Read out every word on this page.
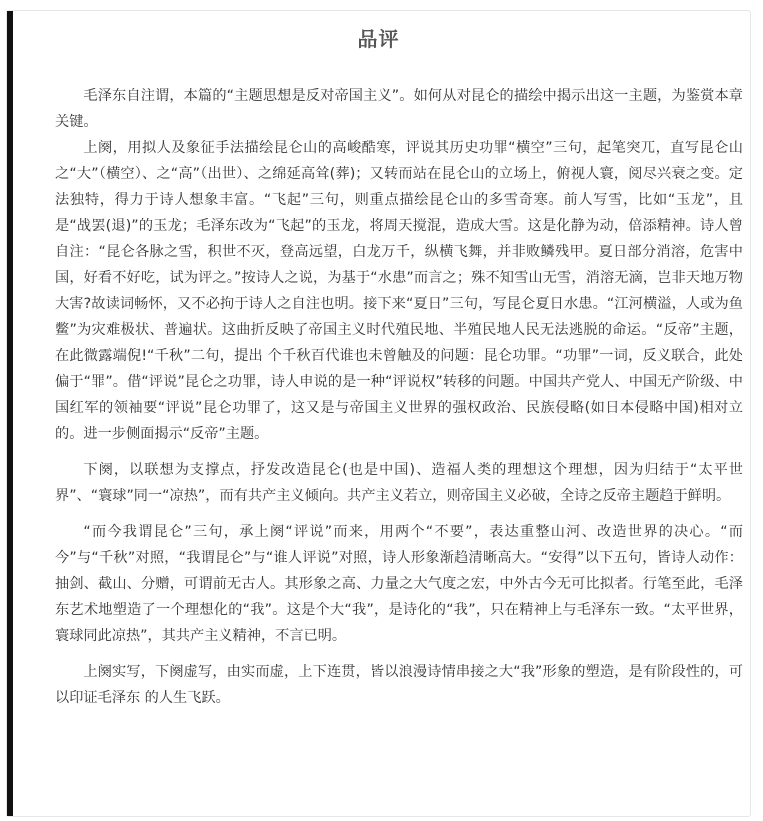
品评

毛泽东自注谓，本篇的“主题思想是反对帝国主义”。如何从对昆仑的描绘中揭示出这一主题，为鉴赏本章关键。

上阕，用拟人及象征手法描绘昆仑山的高峻酷寒，评说其历史功罪“横空”三句，起笔突兀，直写昆仑山之“大”（横空）、之“高”（出世）、之绵延高耸(葬)；又转而站在昆仑山的立场上，俯视人寰，阅尽兴衰之变。定法独特，得力于诗人想象丰富。“飞起”三句，则重点描绘昆仑山的多雪奇寒。前人写雪，比如“玉龙”，且是“战罢(退)”的玉龙；毛泽东改为“飞起”的玉龙，将周天搅混，造成大雪。这是化静为动，倍添精神。诗人曾自注：“昆仑各脉之雪，积世不灭，登高远望，白龙万千，纵横飞舞，并非败鳞残甲。夏日部分消溶，危害中国，好看不好吃，试为评之。”按诗人之说，为基于“水患”而言之；殊不知雪山无雪，消溶无滴，岂非天地万物大害?故读词畅怀，又不必拘于诗人之自注也明。接下来“夏日”三句，写昆仑夏日水患。“江河横溢，人或为鱼鳖”为灾难极状、普遍状。这曲折反映了帝国主义时代殖民地、半殖民地人民无法逃脱的命运。“反帝”主题，在此微露端倪!“千秋”二句，提出 个千秋百代谁也未曾触及的问题：昆仑功罪。“功罪”一词，反义联合，此处偏于“罪”。借“评说”昆仑之功罪，诗人申说的是一种“评说权”转移的问题。中国共产党人、中国无产阶级、中国红军的领袖要“评说”昆仑功罪了，这又是与帝国主义世界的强权政治、民族侵略(如日本侵略中国)相对立的。进一步侧面揭示“反帝”主题。

下阕，以联想为支撑点，抒发改造昆仑(也是中国)、造福人类的理想这个理想，因为归结于“太平世界”、“寰球”同一“凉热”，而有共产主义倾向。共产主义若立，则帝国主义必破，全诗之反帝主题趋于鲜明。

“而今我谓昆仑”三句，承上阕“评说”而来，用两个“不要”，表达重整山河、改造世界的决心。“而今”与“千秋”对照，“我谓昆仑”与“谁人评说”对照，诗人形象渐趋清晰高大。“安得”以下五句，皆诗人动作：抽剑、截山、分赠，可谓前无古人。其形象之高、力量之大气度之宏，中外古今无可比拟者。行笔至此，毛泽东艺术地塑造了一个理想化的“我”。这是个大“我”，是诗化的“我”，只在精神上与毛泽东一致。“太平世界，寰球同此凉热”，其共产主义精神，不言已明。

上阕实写，下阕虚写，由实而虚，上下连贯，皆以浪漫诗情串接之大“我”形象的塑造，是有阶段性的，可以印证毛泽东 的人生飞跃。
